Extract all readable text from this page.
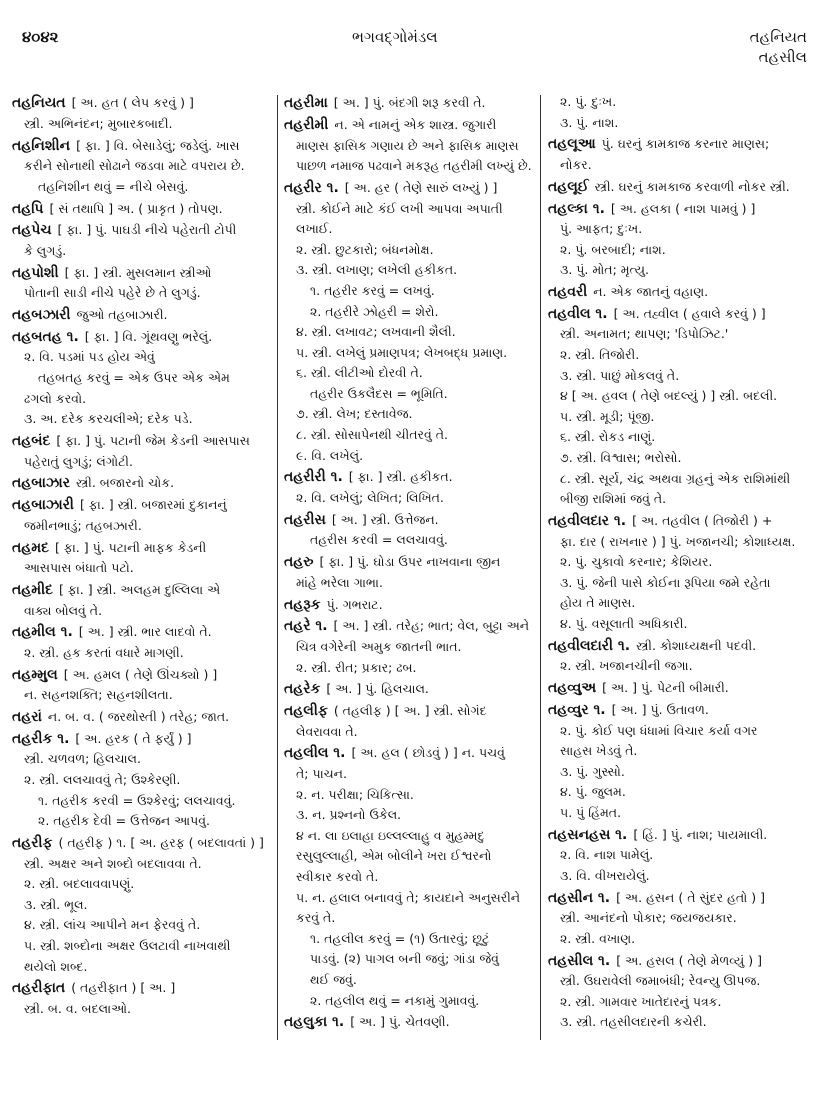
૪૦૪૨	ભગવદ્ગોમંડલ	તહનિયત
તહસીલ
તહનિયત [ અ. હત ( લેપ કરવું ) ]
સ્ત્રી. અભિનંદન; મુબારકબાદી.
તહનિશીન [ ફા. ] વિ. બેસાડેલું; જડેલું. ખાસ
કરીને સોનાથી સોઢાને જડવા માટે વપરાય છે.
તહનિશીન થવું = નીચે બેસવું.
તહપિ [ સં તથાપિ ] અ. ( પ્રાકૃત ) તોપણ.
તહપેચ [ ફા. ] પું. પાઘડી નીચે પહેરાતી ટોપી
કે લુગડું.
તહપોશી [ ફા. ] સ્ત્રી. મુસલમાન સ્ત્રીઓ
પોતાની સાડી નીચે પહેરે છે તે લુગડું.
તહબઝારી જુઓ તહબાઝારી.
તહબતહ ૧. [ ફા. ] વિ. ગૂંથવણુ ભરેલું.
૨. વિ. પડમાં પડ હોય એવું
તહબતહ કરવું = એક ઉપર એક એમ
ઢગલો કરવો.
૩. અ. દરેક કરચલીએ; દરેક પડે.
તહબંદ [ ફા. ] પું. પટાની જેમ કેડની આસપાસ
પહેરાતું લુગડું; લંગોટી.
તહબાઝાર સ્ત્રી. બજારનો ચોક.
તહબાઝારી [ ફા. ] સ્ત્રી. બજારમાં દુકાનનું
જમીનભાડું; તહબઝારી.
તહમદ [ ફા. ] પું. પટાની માફક કેડની
આસપાસ બંધાતો પટો.
તહમીદ [ ફા. ] સ્ત્રી. અલહમ દુલ્લિલા એ
વાક્ય બોલવું તે.
તહમીલ ૧. [ અ. ] સ્ત્રી. ભાર લાદવો તે.
૨. સ્ત્રી. હક કરતાં વધારે માગણી.
તહમ્મુલ [ અ. હમલ ( તેણે ઊંચક્યો ) ]
ન. સહનશક્તિ; સહનશીલતા.
તહરાં ન. બ. વ. ( જરથોસ્તી ) તરેહ; જાત.
તહરીક ૧. [ અ. હરક ( તે ફર્યું ) ]
સ્ત્રી. ચળવળ; હિલચાલ.
૨. સ્ત્રી. લલચાવવું તે; ઉશ્કેરણી.
૧. તહરીક કરવી = ઉશ્કેરવું; લલચાવવું.
૨. તહરીક દેવી = ઉત્તેજન આપવું.
તહરીફ ( તહરીફ ) ૧. [ અ. હરફ ( બદલાવતાં ) ]
સ્ત્રી. અક્ષર અને શબ્દો બદલાવવા તે.
૨. સ્ત્રી. બદલાવવાપણું.
૩. સ્ત્રી. ભૂલ.
૪. સ્ત્રી. લાંચ આપીને મન ફેરવવું તે.
૫. સ્ત્રી. શબ્દોના અક્ષર ઉલટાવી નાખવાથી
થયેલો શબ્દ.
તહરીફાત ( તહરીફાત ) [ અ. ]
સ્ત્રી. બ. વ. બદલાઓ.
તહરીમા [ અ. ] પું. બંદગી શરૂ કરવી તે.
તહરીમી ન. એ નામનું એક શાસ્ત્ર. જુગારી
માણસ ફાસિક ગણાય છે અને ફાસિક માણસ
પાછળ નમાજ પઢવાને મકરૂહ તહરીમી લખ્યું છે.
તહરીર ૧. [ અ. હર ( તેણે સારું લખ્યું ) ]
સ્ત્રી. કોઈને માટે કંઈ લખી આપવા અપાતી
લખાઈ.
૨. સ્ત્રી. છુટકારો; બંધનમોક્ષ.
૩. સ્ત્રી. લખાણ; લખેલી હકીકત.
૧. તહરીર કરવું = લખવું.
૨. તહરીરે ઝોહરી = શેરો.
૪. સ્ત્રી. લખાવટ; લખવાની શૈલી.
૫. સ્ત્રી. લખેલું પ્રમાણપત્ર; લેખબદ્ધ પ્રમાણ.
૬. સ્ત્રી. લીટીઓ દોરવી તે.
તહરીર ઉકલૈદસ = ભૂમિતિ.
૭. સ્ત્રી. લેખ; દસ્તાવેજ.
૮. સ્ત્રી. સોસાપેનથી ચીતરવું તે.
૯. વિ. લખેલું.
તહરીરી ૧. [ ફા. ] સ્ત્રી. હકીકત.
૨. વિ. લખેલું; લેખિત; લિખિત.
તહરીસ [ અ. ] સ્ત્રી. ઉત્તેજન.
તહરીસ કરવી = લલચાવવું.
તહરુ [ ફા. ] પું. ઘોડા ઉપર નાખવાના જીન
માંહે ભરેલા ગાભા.
તહરૂક પું. ગભરાટ.
તહરે ૧. [ અ. ] સ્ત્રી. તરેહ; ભાત; વેલ, બુટ્ટા અને
ચિત્ર વગેરેની અમુક જાતની ભાત.
૨. સ્ત્રી. રીત; પ્રકાર; ઢબ.
તહરેક [ અ. ] પું. હિલચાલ.
તહલીફ ( તહલીફ ) [ અ. ] સ્ત્રી. સોગંદ
લેવરાવવા તે.
તહલીલ ૧. [ અ. હલ ( છોડવું ) ] ન. પચવું
તે; પાચન.
૨. ન. પરીક્ષા; ચિકિત્સા.
૩. ન. પ્રશ્નનો ઉકેલ.
૪ ન. લા ઇલાહા ઇલ્લલ્લાહુ વ મુહમ્મદુ
રસુલુલ્લાહી, એમ બોલીને ખરા ઈશ્વરનો
સ્વીકાર કરવો તે.
૫. ન. હલાલ બનાવવું તે; કાયદાને અનુસરીને
કરવું તે.
૧. તહલીલ કરવું = (૧) ઉતારવું; છૂટું
પાડવું. (૨) પાગલ બની જવું; ગાંડા જેવું
થઈ જવું.
૨. તહલીલ થવું = નકામું ગુમાવવું.
તહલુકા ૧. [ અ. ] પું. ચેતવણી.
૨. પું. દુઃખ.
૩. પું. નાશ.
તહલૂઆ પું. ઘરનું કામકાજ કરનાર માણસ;
નોકર.
તહલૂઈ સ્ત્રી. ઘરનું કામકાજ કરવાળી નોકર સ્ત્રી.
તહલ્કા ૧. [ અ. હલકા ( નાશ પામવું ) ]
પું. આફત; દુઃખ.
૨. પું. બરબાદી; નાશ.
૩. પું. મોત; મૃત્યુ.
તહવરી ન. એક જાતનું વહાણ.
તહવીલ ૧. [ અ. તહ્વીલ ( હવાલે કરવું ) ]
સ્ત્રી. અનામત; થાપણ; 'ડિપોઝિટ.'
૨. સ્ત્રી. તિજોરી.
૩. સ્ત્રી. પાછું મોકલવું તે.
૪ [ અ. હવલ ( તેણે બદલ્યું ) ] સ્ત્રી. બદલી.
૫. સ્ત્રી. મૂડી; પૂંજી.
૬. સ્ત્રી. રોકડ નાણું.
૭. સ્ત્રી. વિશ્વાસ; ભરોસો.
૮. સ્ત્રી. સૂર્ય, ચંદ્ર અથવા ગ્રહનું એક રાશિમાંથી
બીજી રાશિમાં જવું તે.
તહવીલદાર ૧. [ અ. તહવીલ ( તિજોરી ) +
ફા. દાર ( રાખનાર ) ] પું. ખજાનચી; કોશાધ્યક્ષ.
૨. પું. ચુકાવો કરનાર; કેશિયર.
૩. પું. જેની પાસે કોઈના રૂપિયા જમે રહેતા
હોય તે માણસ.
૪. પું. વસૂલાતી અધિકારી.
તહવીલદારી ૧. સ્ત્રી. કોશાધ્યક્ષની પદવી.
૨. સ્ત્રી. ખજાનચીની જગા.
તહવ્વુઅ [ અ. ] પું. પેટની બીમારી.
તહવ્વુર ૧. [ અ. ] પું. ઉતાવળ.
૨. પું. કોઈ પણ ધંધામાં વિચાર કર્યા વગર
સાહસ ખેડવું તે.
૩. પું. ગુસ્સો.
૪. પું. જુલમ.
૫. પું હિંમત.
તહસનહસ ૧. [ હિં. ] પું. નાશ; પાયમાલી.
૨. વિ. નાશ પામેલું.
૩. વિ. વીખરાયેલું.
તહસીન ૧. [ અ. હસન ( તે સુંદર હતો ) ]
સ્ત્રી. આનંદનો પોકાર; જયજયકાર.
૨. સ્ત્રી. વખાણ.
તહસીલ ૧. [ અ. હસલ ( તેણે મેળવ્યું ) ]
સ્ત્રી. ઉઘરાવેલી જમાબંધી; રેવન્યુ ઊપજ.
૨. સ્ત્રી. ગામવાર ખાતેદારનું પત્રક.
૩. સ્ત્રી. તહસીલદારની કચેરી.
